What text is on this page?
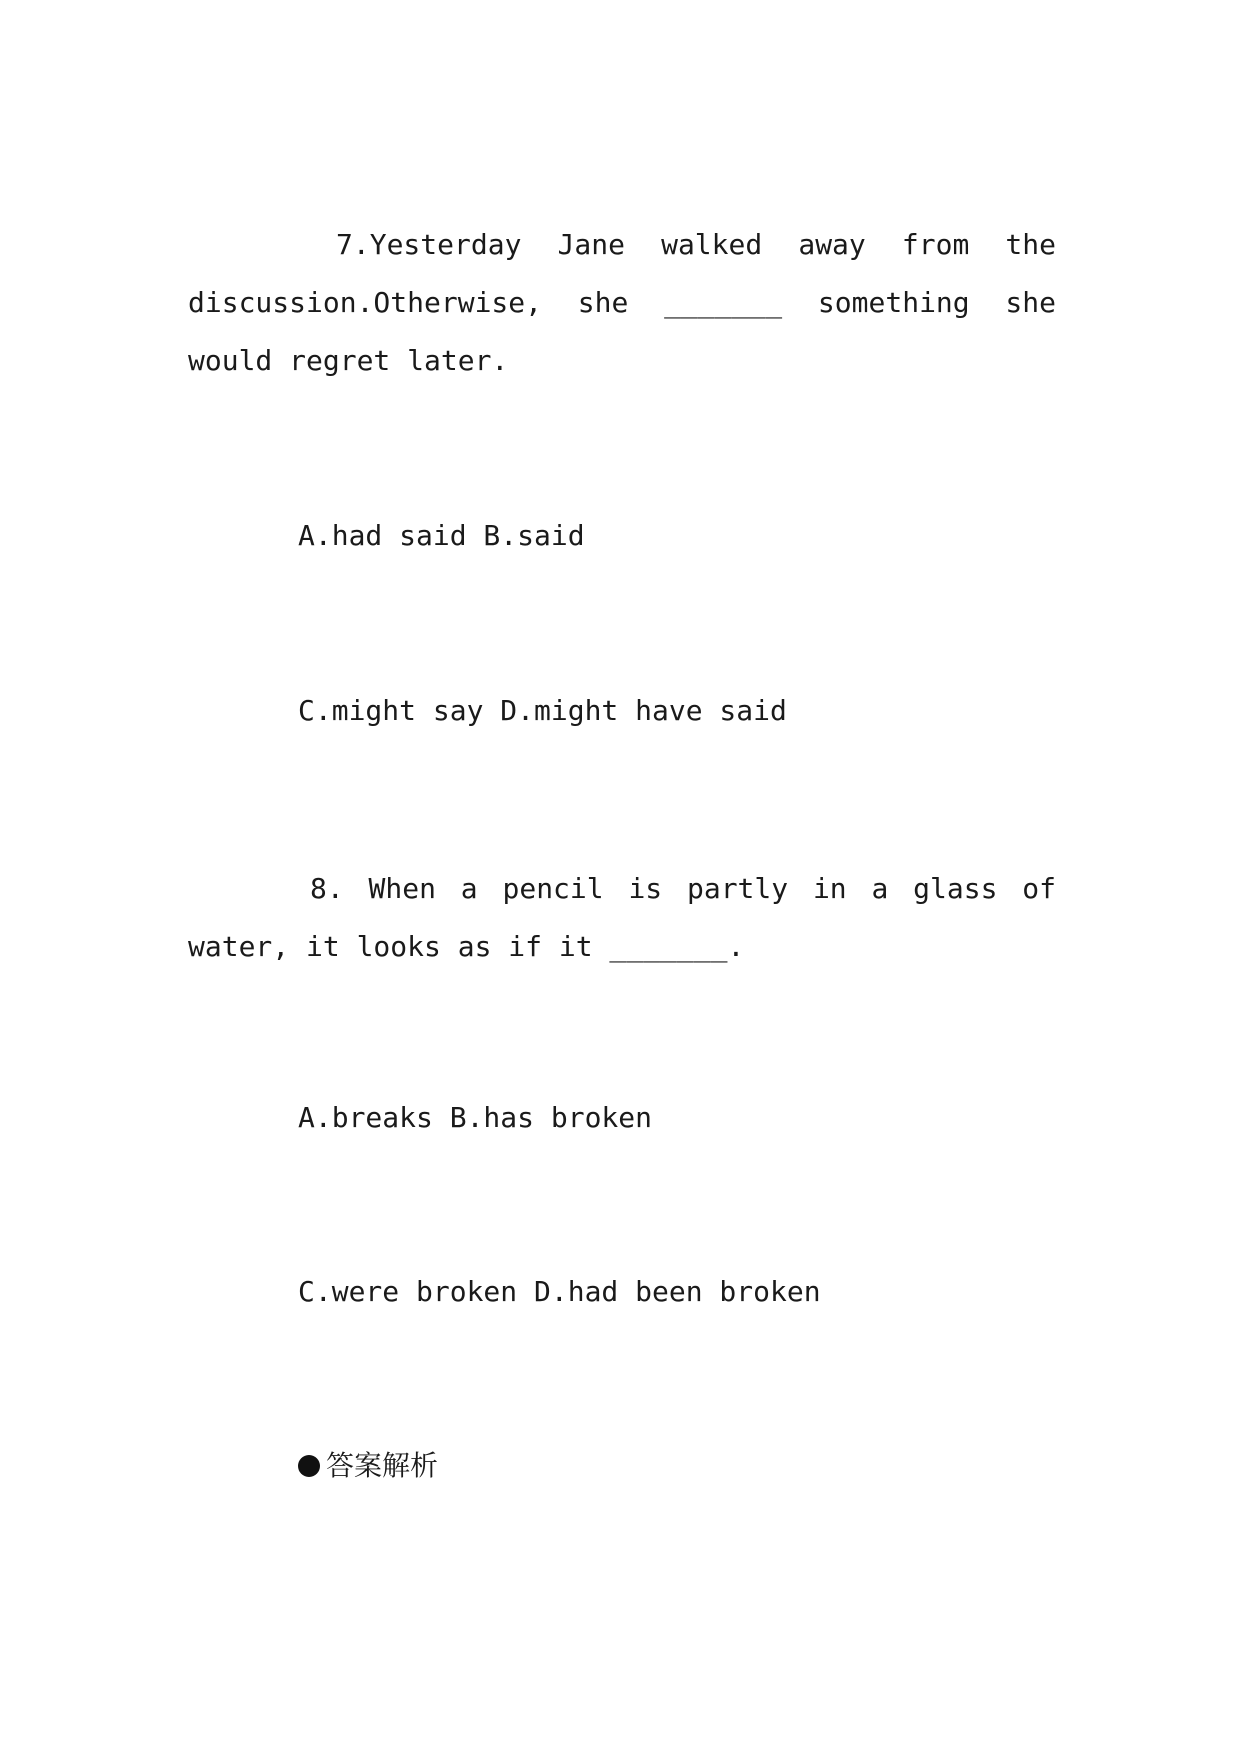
7.Yesterday Jane walked away from the discussion.Otherwise, she _______ something she would regret later.

A.had said B.said

C.might say D.might have said

8. When a pencil is partly in a glass of water, it looks as if it _______.

A.breaks B.has broken

C.were broken D.had been broken

答案解析
